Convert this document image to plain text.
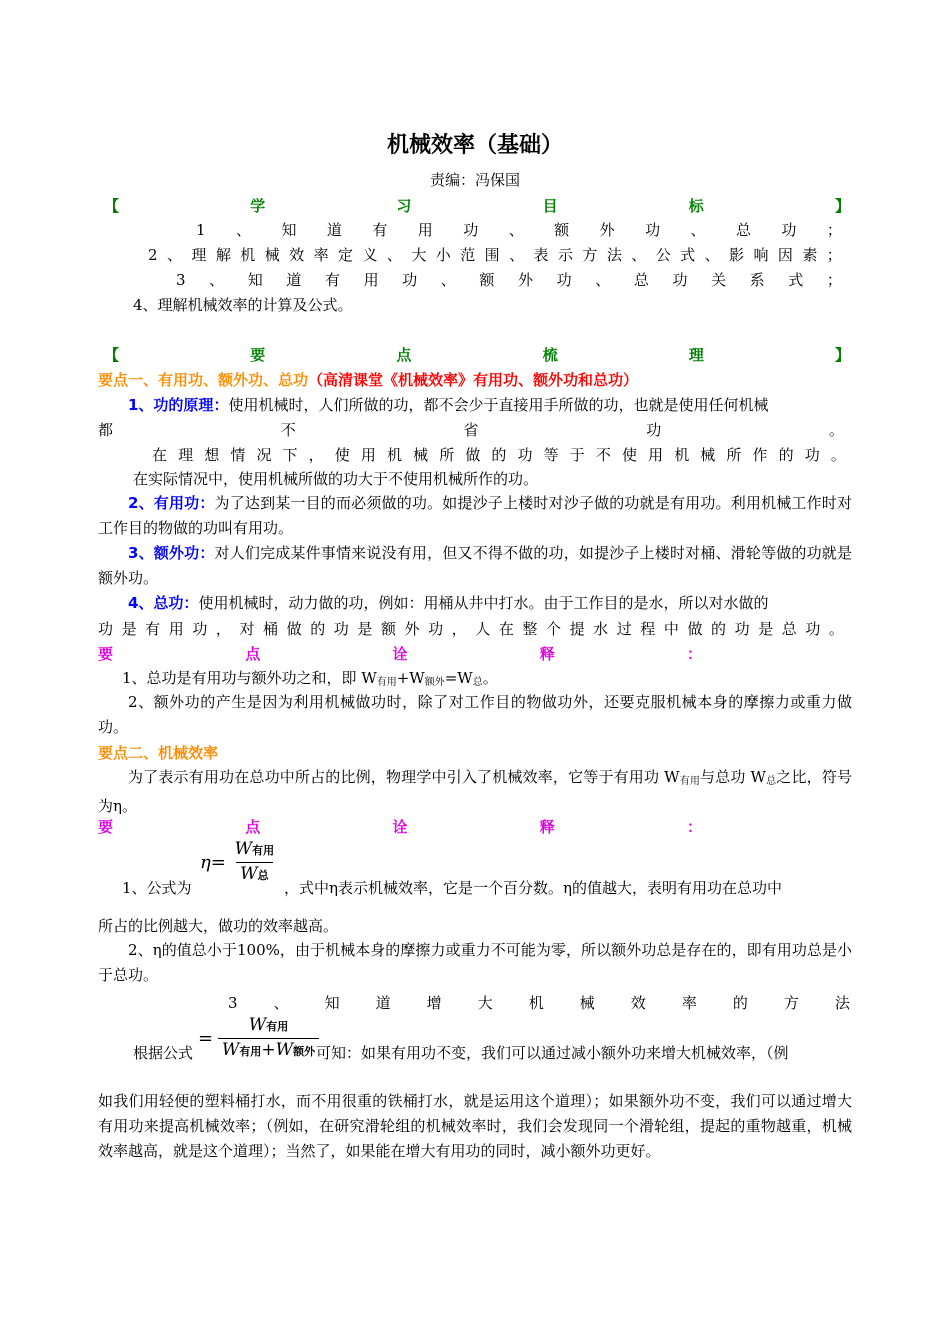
机械效率（基础）
责编：冯保国
【	学	习	目	标	】
1 、 知 道 有 用 功 、 额 外 功 、 总 功 ；
2 、 理 解 机 械 效 率 定 义 、 大 小 范 围 、 表 示 方 法 、 公 式 、 影 响 因 素 ；
3 、 知 道 有 用 功 、 额 外 功 、 总 功 关 系 式 ；
4、理解机械效率的计算及公式。
【	要	点	梳	理	】
要点一、有用功、额外功、总功（高清课堂《机械效率》有用功、额外功和总功）
1、功的原理：使用机械时，人们所做的功，都不会少于直接用手所做的功，也就是使用任何机械
都	不	省	功	。
在 理 想 情 况 下 ， 使 用 机 械 所 做 的 功 等 于 不 使 用 机 械 所 作 的 功 。
在实际情况中，使用机械所做的功大于不使用机械所作的功。
2、有用功：为了达到某一目的而必须做的功。如提沙子上楼时对沙子做的功就是有用功。利用机械工作时对工作目的物做的功叫有用功。
3、额外功：对人们完成某件事情来说没有用，但又不得不做的功，如提沙子上楼时对桶、滑轮等做的功就是额外功。
4、总功：使用机械时，动力做的功，例如：用桶从井中打水。由于工作目的是水，所以对水做的
功 是 有 用 功 ， 对 桶 做 的 功 是 额 外 功 ， 人 在 整 个 提 水 过 程 中 做 的 功 是 总 功 。
要	点	诠	释	：
1、总功是有用功与额外功之和，即 $W_{有用}+W_{额外}=W_总$。
2、额外功的产生是因为利用机械做功时，除了对工作目的物做功外，还要克服机械本身的摩擦力或重力做功。
要点二、机械效率
为了表示有用功在总功中所占的比例，物理学中引入了机械效率，它等于有用功 $W_{有用}$与总功 $W_总$之比，符号为η。
要	点	诠	释	：
$\eta= \frac{\text{W有用}}{\text{W总}}$
1、公式为	，式中η表示机械效率，它是一个百分数。η的值越大，表明有用功在总功中
所占的比例越大，做功的效率越高。
2、η的值总小于100%，由于机械本身的摩擦力或重力不可能为零，所以额外功总是存在的，即有用功总是小于总功。
3 、 知 道 增 大 机 械 效 率 的 方 法
根据公式
= $\frac{\text{W有用}}{\text{W有用+W额外}}$
可知：如果有用功不变，我们可以通过减小额外功来增大机械效率，（例
如我们用轻便的塑料桶打水，而不用很重的铁桶打水，就是运用这个道理）；如果额外功不变，我们可以通过增大有用功来提高机械效率；（例如，在研究滑轮组的机械效率时，我们会发现同一个滑轮组，提起的重物越重，机械效率越高，就是这个道理）；当然了，如果能在增大有用功的同时，减小额外功更好。
